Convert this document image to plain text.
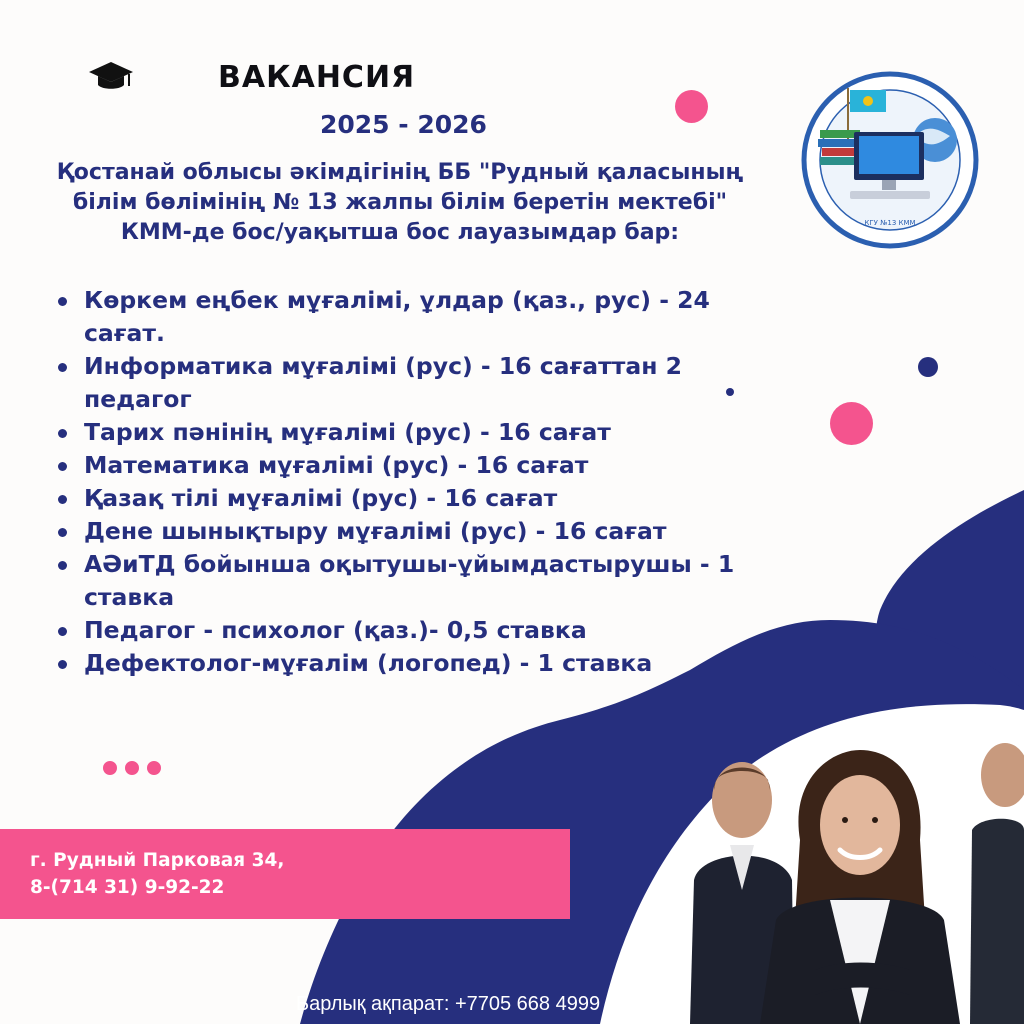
ВАКАНСИЯ
2025 - 2026
Қостанай облысы әкімдігінің ББ "Рудный қаласының
білім бөлімінің № 13 жалпы білім беретін мектебі"
КММ-де бос/уақытша бос лауазымдар бар:	КГУ №13 КММ
Көркем еңбек мұғалімі, ұлдар (қаз., рус) - 24
сағат.
Информатика мұғалімі (рус) - 16 сағаттан 2
педагог
Тарих пәнінің мұғалімі (рус) - 16 сағат
Математика мұғалімі (рус) - 16 сағат
Қазақ тілі мұғалімі (рус) - 16 сағат
Дене шынықтыру мұғалімі (рус) - 16 сағат
АӘиТД бойынша оқытушы-ұйымдастырушы - 1
ставка
Педагог - психолог (қаз.)- 0,5 ставка
Дефектолог-мұғалім (логопед) - 1 ставка
г. Рудный Парковая 34,
8-(714 31) 9-92-22
Барлық ақпарат: +7705 668 4999
